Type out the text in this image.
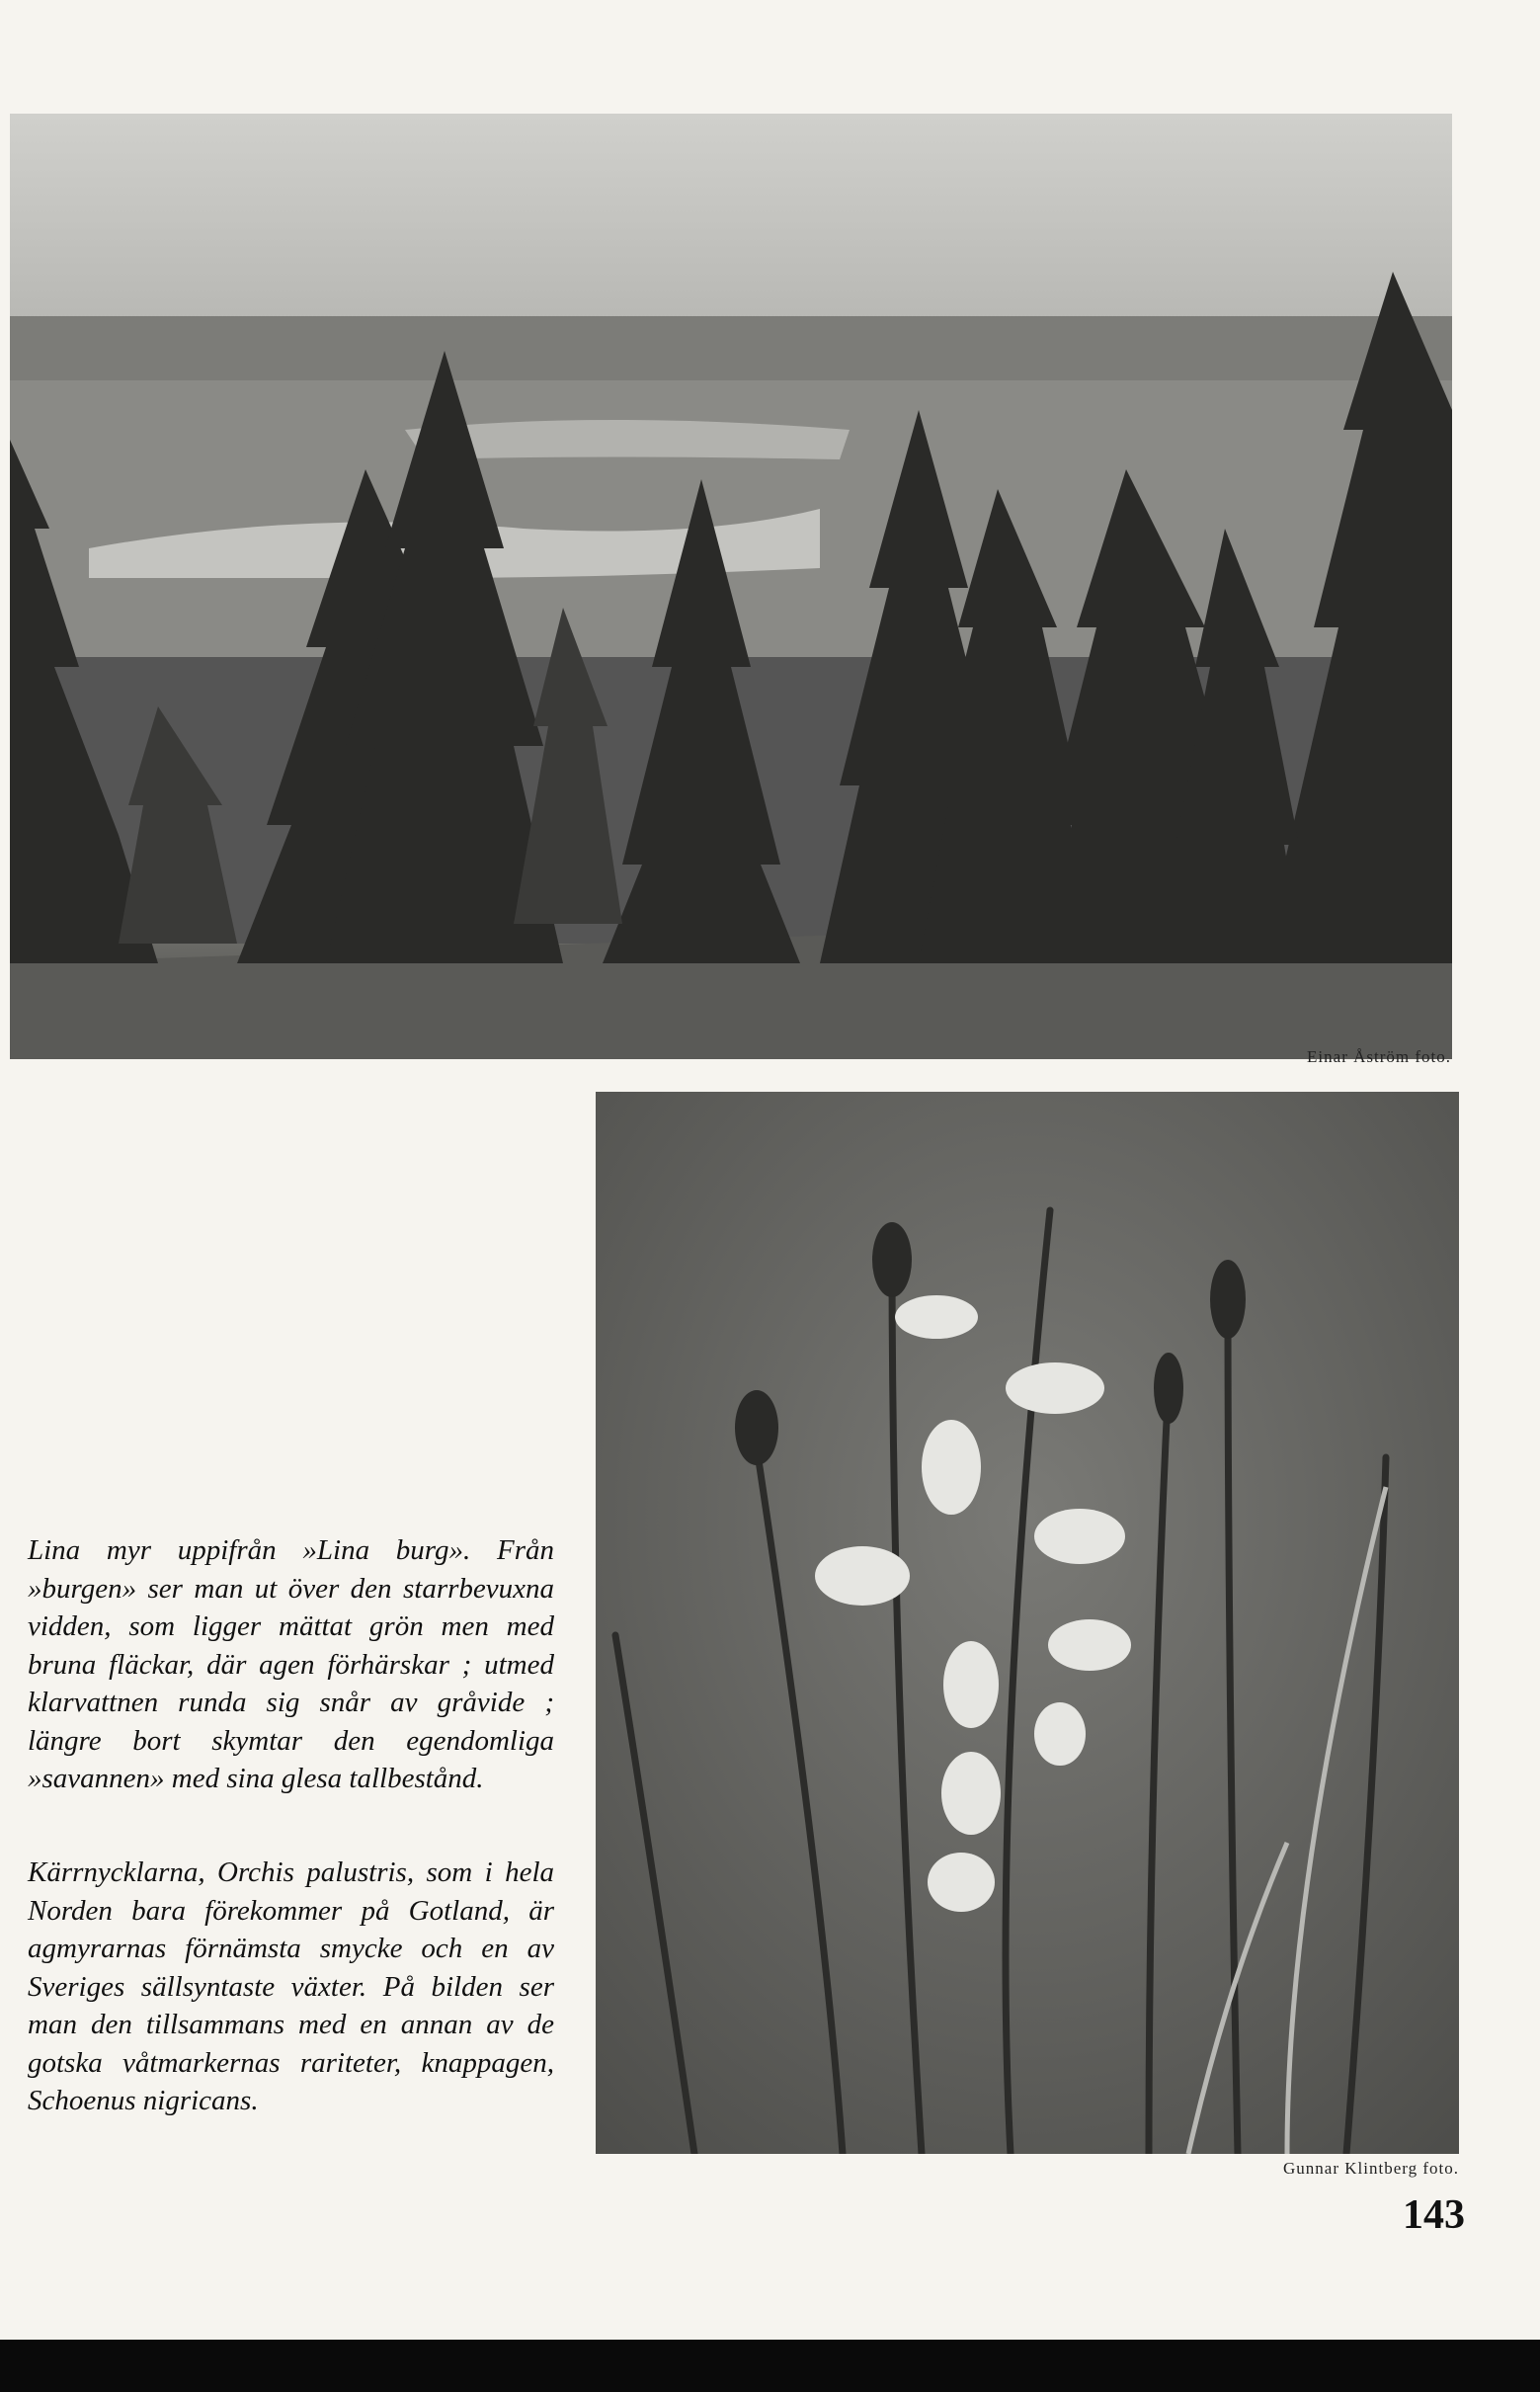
Einar Åström foto.

Lina myr uppifrån »Lina burg». Från »burgen» ser man ut över den starrbevuxna vidden, som ligger mättat grön men med bruna fläckar, där agen förhärskar ; utmed klarvattnen runda sig snår av gråvide ; längre bort skymtar den egendomliga »savannen» med sina glesa tallbestånd.

Kärrnycklarna, Orchis palustris, som i hela Norden bara förekommer på Gotland, är agmyrarnas förnämsta smycke och en av Sveriges sällsyntaste växter. På bilden ser man den tillsammans med en annan av de gotska våtmarkernas rariteter, knappagen, Schoenus nigricans.

Gunnar Klintberg foto.
143
